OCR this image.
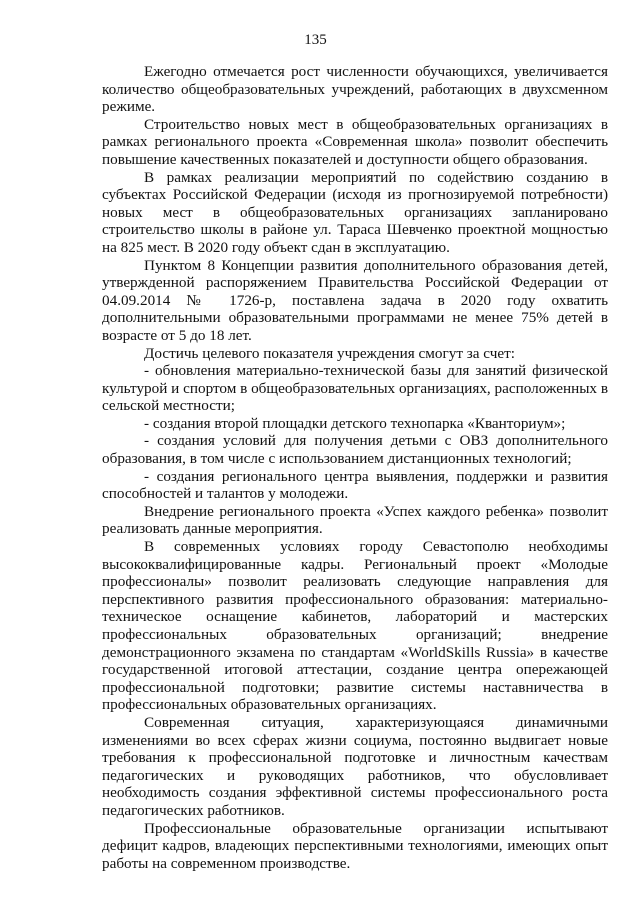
135

Ежегодно отмечается рост численности обучающихся, увеличивается количество общеобразовательных учреждений, работающих в двухсменном режиме.

Строительство новых мест в общеобразовательных организациях в рамках регионального проекта «Современная школа» позволит обеспечить повышение качественных показателей и доступности общего образования.

В рамках реализации мероприятий по содействию созданию в субъектах Российской Федерации (исходя из прогнозируемой потребности) новых мест в общеобразовательных организациях запланировано строительство школы в районе ул. Тараса Шевченко проектной мощностью на 825 мест. В 2020 году объект сдан в эксплуатацию.

Пунктом 8 Концепции развития дополнительного образования детей, утвержденной распоряжением Правительства Российской Федерации от 04.09.2014 № 1726-р, поставлена задача в 2020 году охватить дополнительными образовательными программами не менее 75% детей в возрасте от 5 до 18 лет.

Достичь целевого показателя учреждения смогут за счет:

- обновления материально-технической базы для занятий физической культурой и спортом в общеобразовательных организациях, расположенных в сельской местности;

- создания второй площадки детского технопарка «Кванториум»;

- создания условий для получения детьми с ОВЗ дополнительного образования, в том числе с использованием дистанционных технологий;

- создания регионального центра выявления, поддержки и развития способностей и талантов у молодежи.

Внедрение регионального проекта «Успех каждого ребенка» позволит реализовать данные мероприятия.

В современных условиях городу Севастополю необходимы высококвалифицированные кадры. Региональный проект «Молодые профессионалы» позволит реализовать следующие направления для перспективного развития профессионального образования: материально-техническое оснащение кабинетов, лабораторий и мастерских профессиональных образовательных организаций; внедрение демонстрационного экзамена по стандартам «WorldSkills Russia» в качестве государственной итоговой аттестации, создание центра опережающей профессиональной подготовки; развитие системы наставничества в профессиональных образовательных организациях.

Современная ситуация, характеризующаяся динамичными изменениями во всех сферах жизни социума, постоянно выдвигает новые требования к профессиональной подготовке и личностным качествам педагогических и руководящих работников, что обусловливает необходимость создания эффективной системы профессионального роста педагогических работников.

Профессиональные образовательные организации испытывают дефицит кадров, владеющих перспективными технологиями, имеющих опыт работы на современном производстве.
